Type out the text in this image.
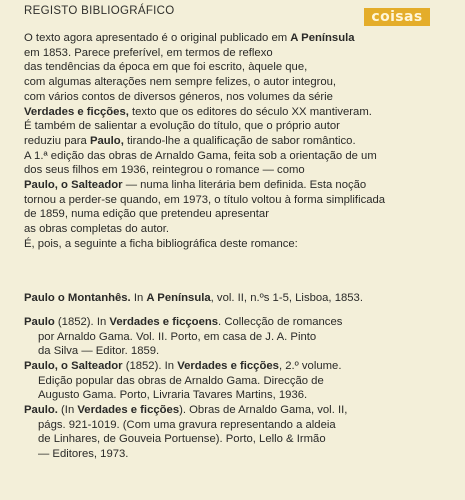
REGISTO BIBLIOGRÁFICO	coisas
O texto agora apresentado é o original publicado em A Península
em 1853. Parece preferível, em termos de reflexo
das tendências da época em que foi escrito, àquele que,
com algumas alterações nem sempre felizes, o autor integrou,
com vários contos de diversos géneros, nos volumes da série
Verdades e ficções, texto que os editores do século XX mantiveram.
É também de salientar a evolução do título, que o próprio autor
reduziu para Paulo, tirando-lhe a qualificação de sabor romântico.
A 1.ª edição das obras de Arnaldo Gama, feita sob a orientação de um
dos seus filhos em 1936, reintegrou o romance — como
Paulo, o Salteador — numa linha literária bem definida. Esta noção
tornou a perder-se quando, em 1973, o título voltou à forma simplificada
de 1859, numa edição que pretendeu apresentar
as obras completas do autor.
É, pois, a seguinte a ficha bibliográfica deste romance:
Paulo o Montanhês. In A Península, vol. II, n.ºs 1-5, Lisboa, 1853.
Paulo (1852). In Verdades e ficçoens. Collecção de romances
por Arnaldo Gama. Vol. II. Porto, em casa de J. A. Pinto
da Silva — Editor. 1859.
Paulo, o Salteador (1852). In Verdades e ficções, 2.º volume.
Edição popular das obras de Arnaldo Gama. Direcção de
Augusto Gama. Porto, Livraria Tavares Martins, 1936.
Paulo. (In Verdades e ficções). Obras de Arnaldo Gama, vol. II,
págs. 921-1019. (Com uma gravura representando a aldeia
de Linhares, de Gouveia Portuense). Porto, Lello & Irmão
— Editores, 1973.
